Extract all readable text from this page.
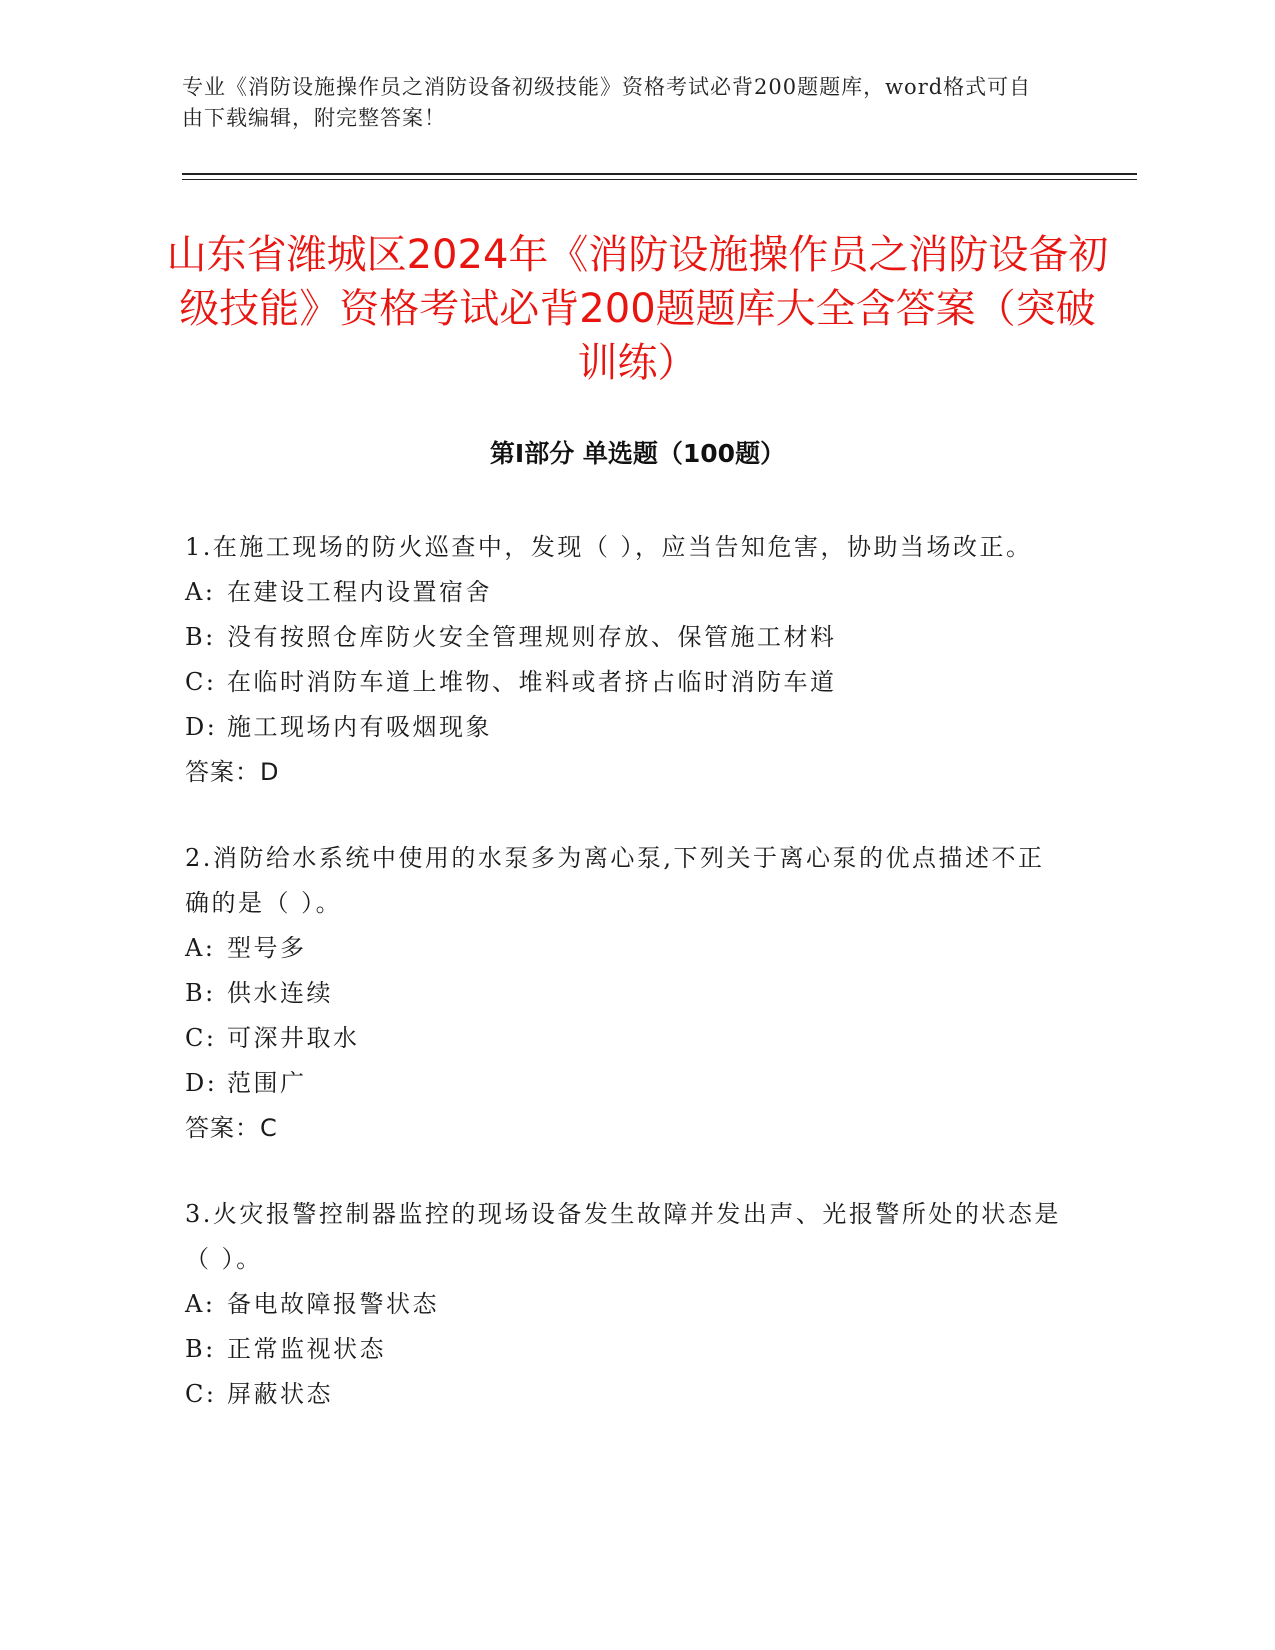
专业《消防设施操作员之消防设备初级技能》资格考试必背200题题库，word格式可自由下载编辑，附完整答案！
山东省潍城区2024年《消防设施操作员之消防设备初级技能》资格考试必背200题题库大全含答案（突破训练）
第Ⅰ部分 单选题（100题）

1.在施工现场的防火巡查中，发现（ ），应当告知危害，协助当场改正。

A: 在建设工程内设置宿舍
B: 没有按照仓库防火安全管理规则存放、保管施工材料
C: 在临时消防车道上堆物、堆料或者挤占临时消防车道
D: 施工现场内有吸烟现象
答案：D

2.消防给水系统中使用的水泵多为离心泵,下列关于离心泵的优点描述不正确的是（ ）。

A: 型号多
B: 供水连续
C: 可深井取水
D: 范围广
答案：C

3.火灾报警控制器监控的现场设备发生故障并发出声、光报警所处的状态是（ ）。

A: 备电故障报警状态
B: 正常监视状态
C: 屏蔽状态
